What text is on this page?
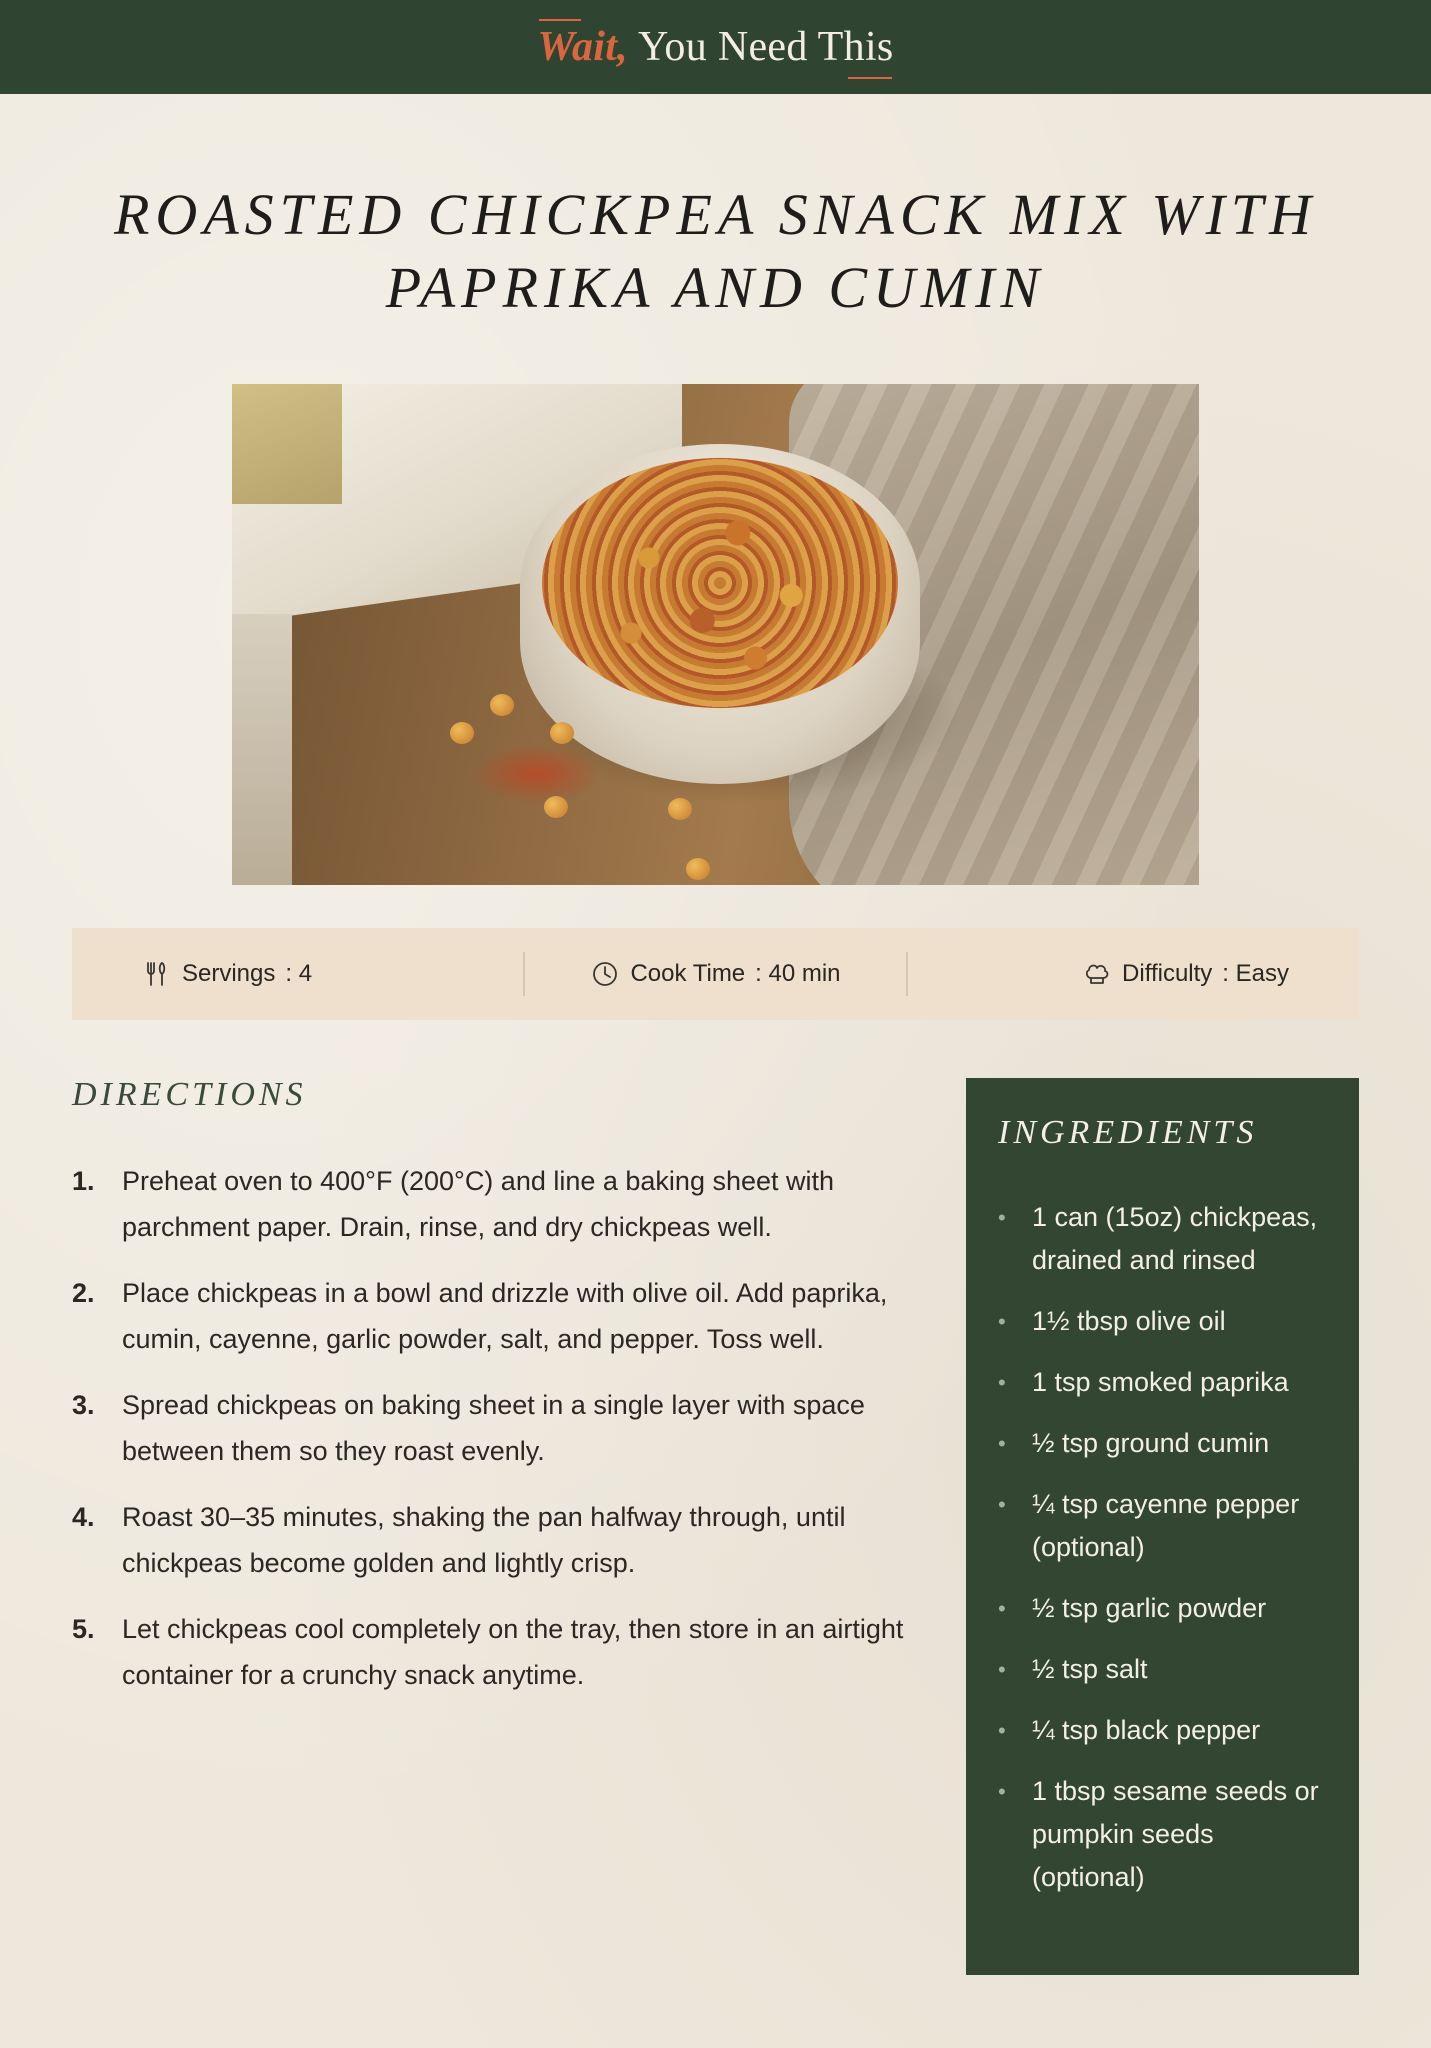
Wait, You Need This
ROASTED CHICKPEA SNACK MIX WITH
PAPRIKA AND CUMIN
Servings : 4	Cook Time : 40 min	Difficulty : Easy
DIRECTIONS
1.	Preheat oven to 400°F (200°C) and line a baking sheet with parchment paper. Drain, rinse, and dry chickpeas well.
2.	Place chickpeas in a bowl and drizzle with olive oil. Add paprika, cumin, cayenne, garlic powder, salt, and pepper. Toss well.
3.	Spread chickpeas on baking sheet in a single layer with space between them so they roast evenly.
4.	Roast 30–35 minutes, shaking the pan halfway through, until chickpeas become golden and lightly crisp.
5.	Let chickpeas cool completely on the tray, then store in an airtight container for a crunchy snack anytime.
INGREDIENTS
• 1 can (15oz) chickpeas, drained and rinsed
• 1½ tbsp olive oil
• 1 tsp smoked paprika
• ½ tsp ground cumin
• ¼ tsp cayenne pepper (optional)
• ½ tsp garlic powder
• ½ tsp salt
• ¼ tsp black pepper
• 1 tbsp sesame seeds or pumpkin seeds (optional)
